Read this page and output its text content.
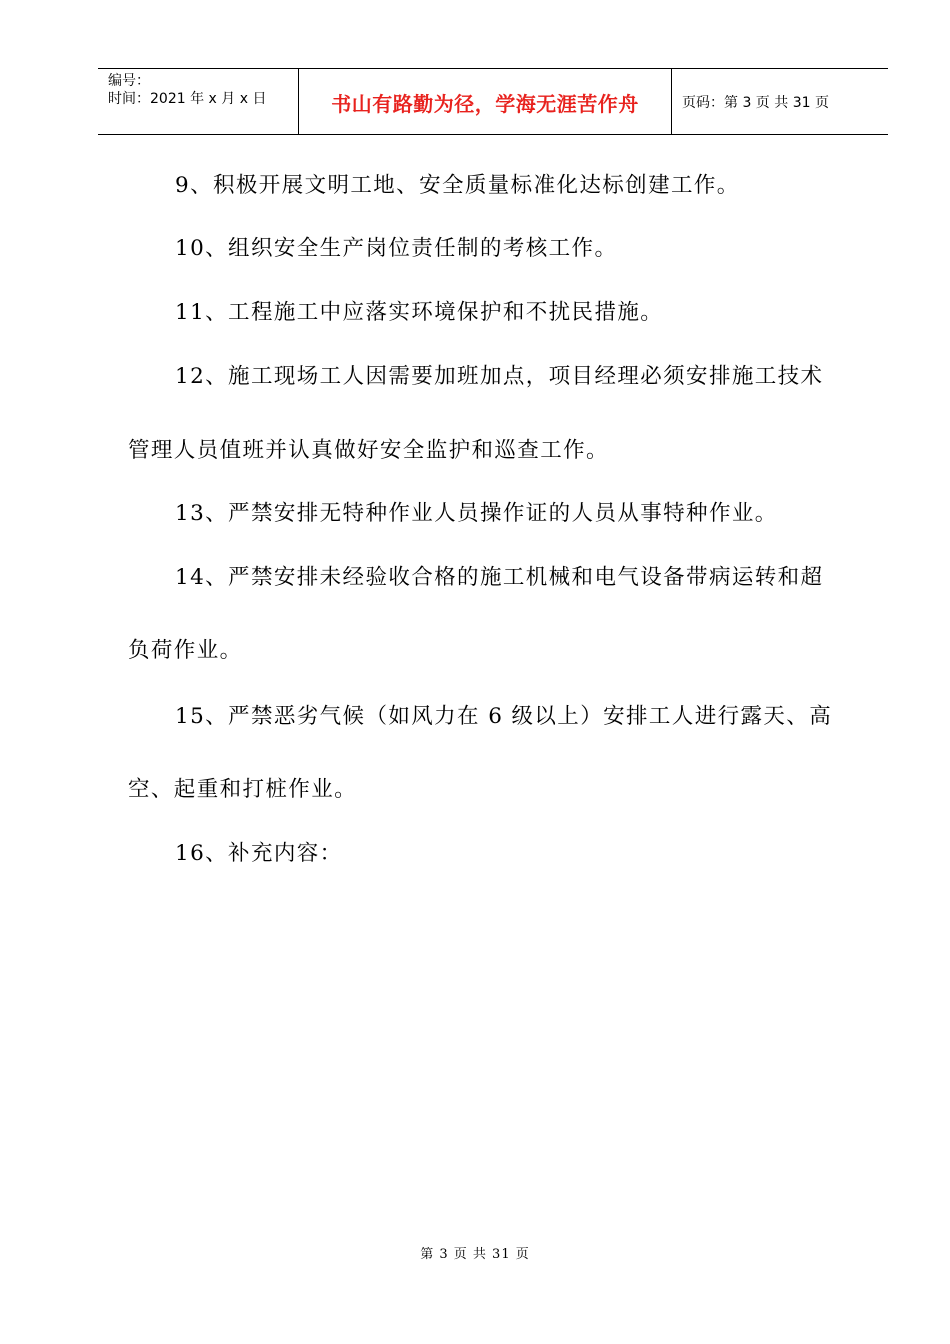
编号：
时间：2021 年 x 月 x 日	书山有路勤为径，学海无涯苦作舟	页码：第 3 页 共 31 页
9、积极开展文明工地、安全质量标准化达标创建工作。
10、组织安全生产岗位责任制的考核工作。
11、工程施工中应落实环境保护和不扰民措施。
12、施工现场工人因需要加班加点，项目经理必须安排施工技术
管理人员值班并认真做好安全监护和巡查工作。
13、严禁安排无特种作业人员操作证的人员从事特种作业。
14、严禁安排未经验收合格的施工机械和电气设备带病运转和超
负荷作业。
15、严禁恶劣气候（如风力在 6 级以上）安排工人进行露天、高
空、起重和打桩作业。
16、补充内容：
第 3 页 共 31 页
